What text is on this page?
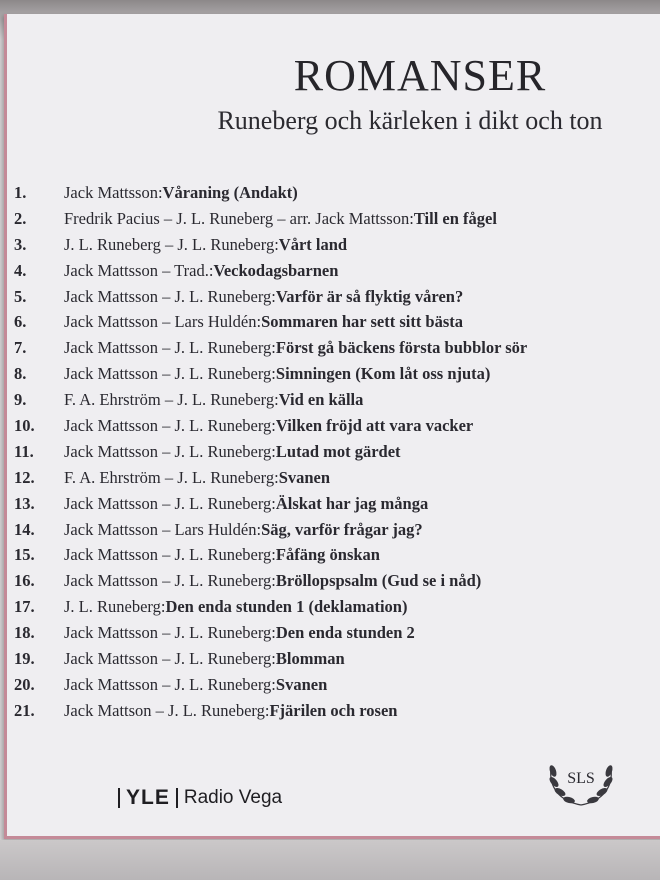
ROMANSER
Runeberg och kärleken i dikt och ton
1.	Jack Mattsson: Våraning (Andakt)
2.	Fredrik Pacius – J. L. Runeberg – arr. Jack Mattsson: Till en fågel
3.	J. L. Runeberg – J. L. Runeberg: Vårt land
4.	Jack Mattsson – Trad.: Veckodagsbarnen
5.	Jack Mattsson – J. L. Runeberg: Varför är så flyktig våren?
6.	Jack Mattsson – Lars Huldén: Sommaren har sett sitt bästa
7.	Jack Mattsson – J. L. Runeberg: Först gå bäckens första bubblor sör
8.	Jack Mattsson – J. L. Runeberg: Simningen (Kom låt oss njuta)
9.	F. A. Ehrström – J. L. Runeberg: Vid en källa
10.	Jack Mattsson – J. L. Runeberg: Vilken fröjd att vara vacker
11.	Jack Mattsson – J. L. Runeberg: Lutad mot gärdet
12.	F. A. Ehrström – J. L. Runeberg: Svanen
13.	Jack Mattsson – J. L. Runeberg: Älskat har jag många
14.	Jack Mattsson – Lars Huldén: Säg, varför frågar jag?
15.	Jack Mattsson – J. L. Runeberg: Fåfäng önskan
16.	Jack Mattsson – J. L. Runeberg: Bröllopspsalm (Gud se i nåd)
17.	J. L. Runeberg: Den enda stunden 1 (deklamation)
18.	Jack Mattsson – J. L. Runeberg: Den enda stunden 2
19.	Jack Mattsson – J. L. Runeberg: Blomman
20.	Jack Mattsson – J. L. Runeberg: Svanen
21.	Jack Mattson – J. L. Runeberg: Fjärilen och rosen
YLE Radio Vega
SLS
